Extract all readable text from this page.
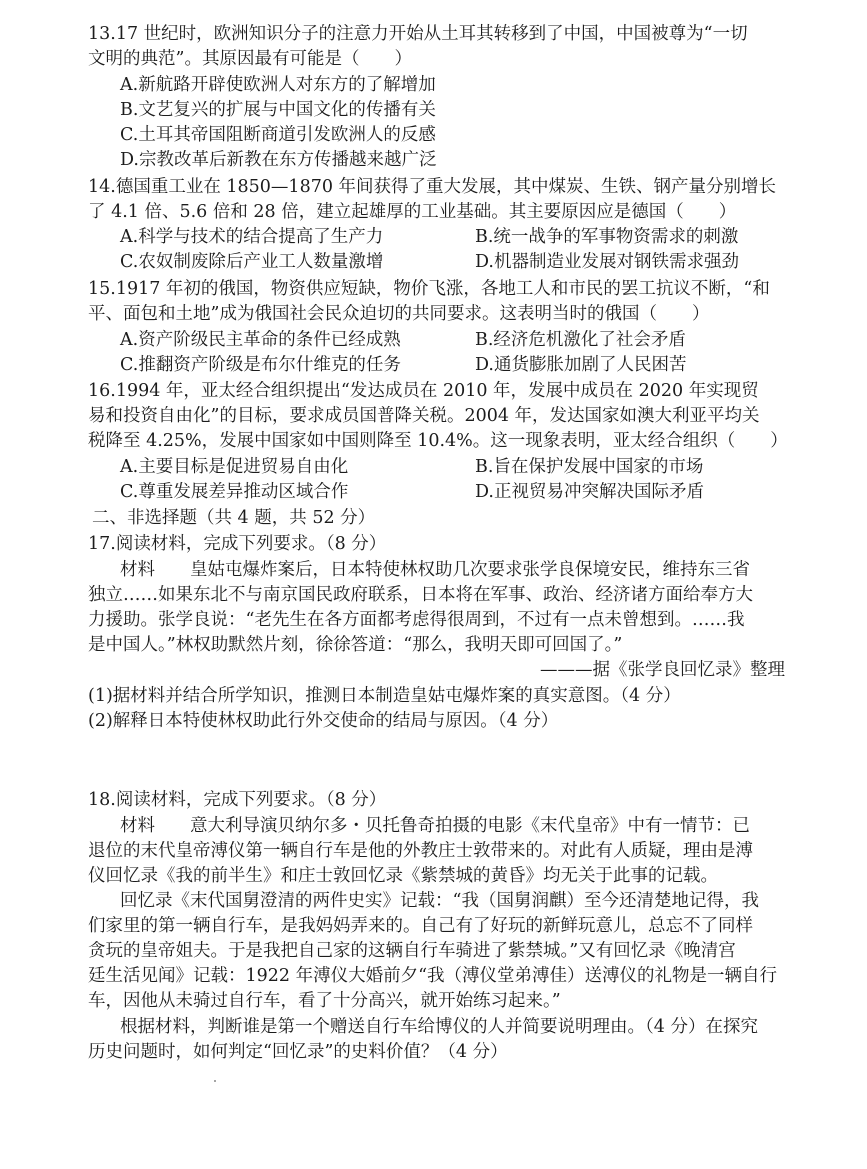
13.17 世纪时，欧洲知识分子的注意力开始从土耳其转移到了中国，中国被尊为“一切
文明的典范”。其原因最有可能是（　　）
A.新航路开辟使欧洲人对东方的了解增加
B.文艺复兴的扩展与中国文化的传播有关
C.土耳其帝国阻断商道引发欧洲人的反感
D.宗教改革后新教在东方传播越来越广泛
14.德国重工业在 1850—1870 年间获得了重大发展，其中煤炭、生铁、钢产量分别增长
了 4.1 倍、5.6 倍和 28 倍，建立起雄厚的工业基础。其主要原因应是德国（　　）
A.科学与技术的结合提高了生产力	B.统一战争的军事物资需求的刺激
C.农奴制废除后产业工人数量激增	D.机器制造业发展对钢铁需求强劲
15.1917 年初的俄国，物资供应短缺，物价飞涨，各地工人和市民的罢工抗议不断，“和
平、面包和土地”成为俄国社会民众迫切的共同要求。这表明当时的俄国（　　）
A.资产阶级民主革命的条件已经成熟	B.经济危机激化了社会矛盾
C.推翻资产阶级是布尔什维克的任务	D.通货膨胀加剧了人民困苦
16.1994 年，亚太经合组织提出“发达成员在 2010 年，发展中成员在 2020 年实现贸
易和投资自由化”的目标，要求成员国普降关税。2004 年，发达国家如澳大利亚平均关
税降至 4.25%，发展中国家如中国则降至 10.4%。这一现象表明，亚太经合组织（　　）
A.主要目标是促进贸易自由化	B.旨在保护发展中国家的市场
C.尊重发展差异推动区域合作	D.正视贸易冲突解决国际矛盾
二、非选择题（共 4 题，共 52 分）
17.阅读材料，完成下列要求。（8 分）
材料　　皇姑屯爆炸案后，日本特使林权助几次要求张学良保境安民，维持东三省
独立……如果东北不与南京国民政府联系，日本将在军事、政治、经济诸方面给奉方大
力援助。张学良说：“老先生在各方面都考虑得很周到，不过有一点未曾想到。……我
是中国人。”林权助默然片刻，徐徐答道：“那么，我明天即可回国了。”
———据《张学良回忆录》整理
(1)据材料并结合所学知识，推测日本制造皇姑屯爆炸案的真实意图。（4 分）
(2)解释日本特使林权助此行外交使命的结局与原因。（4 分）
18.阅读材料，完成下列要求。（8 分）
材料　　意大利导演贝纳尔多・贝托鲁奇拍摄的电影《末代皇帝》中有一情节：已
退位的末代皇帝溥仪第一辆自行车是他的外教庄士敦带来的。对此有人质疑，理由是溥
仪回忆录《我的前半生》和庄士敦回忆录《紫禁城的黄昏》均无关于此事的记载。
回忆录《末代国舅澄清的两件史实》记载：“我（国舅润麒）至今还清楚地记得，我
们家里的第一辆自行车，是我妈妈弄来的。自己有了好玩的新鲜玩意儿，总忘不了同样
贪玩的皇帝姐夫。于是我把自己家的这辆自行车骑进了紫禁城。”又有回忆录《晚清宫
廷生活见闻》记载：1922 年溥仪大婚前夕“我（溥仪堂弟溥佳）送溥仪的礼物是一辆自行
车，因他从未骑过自行车，看了十分高兴，就开始练习起来。”
根据材料，判断谁是第一个赠送自行车给博仪的人并简要说明理由。（4 分）在探究
历史问题时，如何判定“回忆录”的史料价值？（4 分）
